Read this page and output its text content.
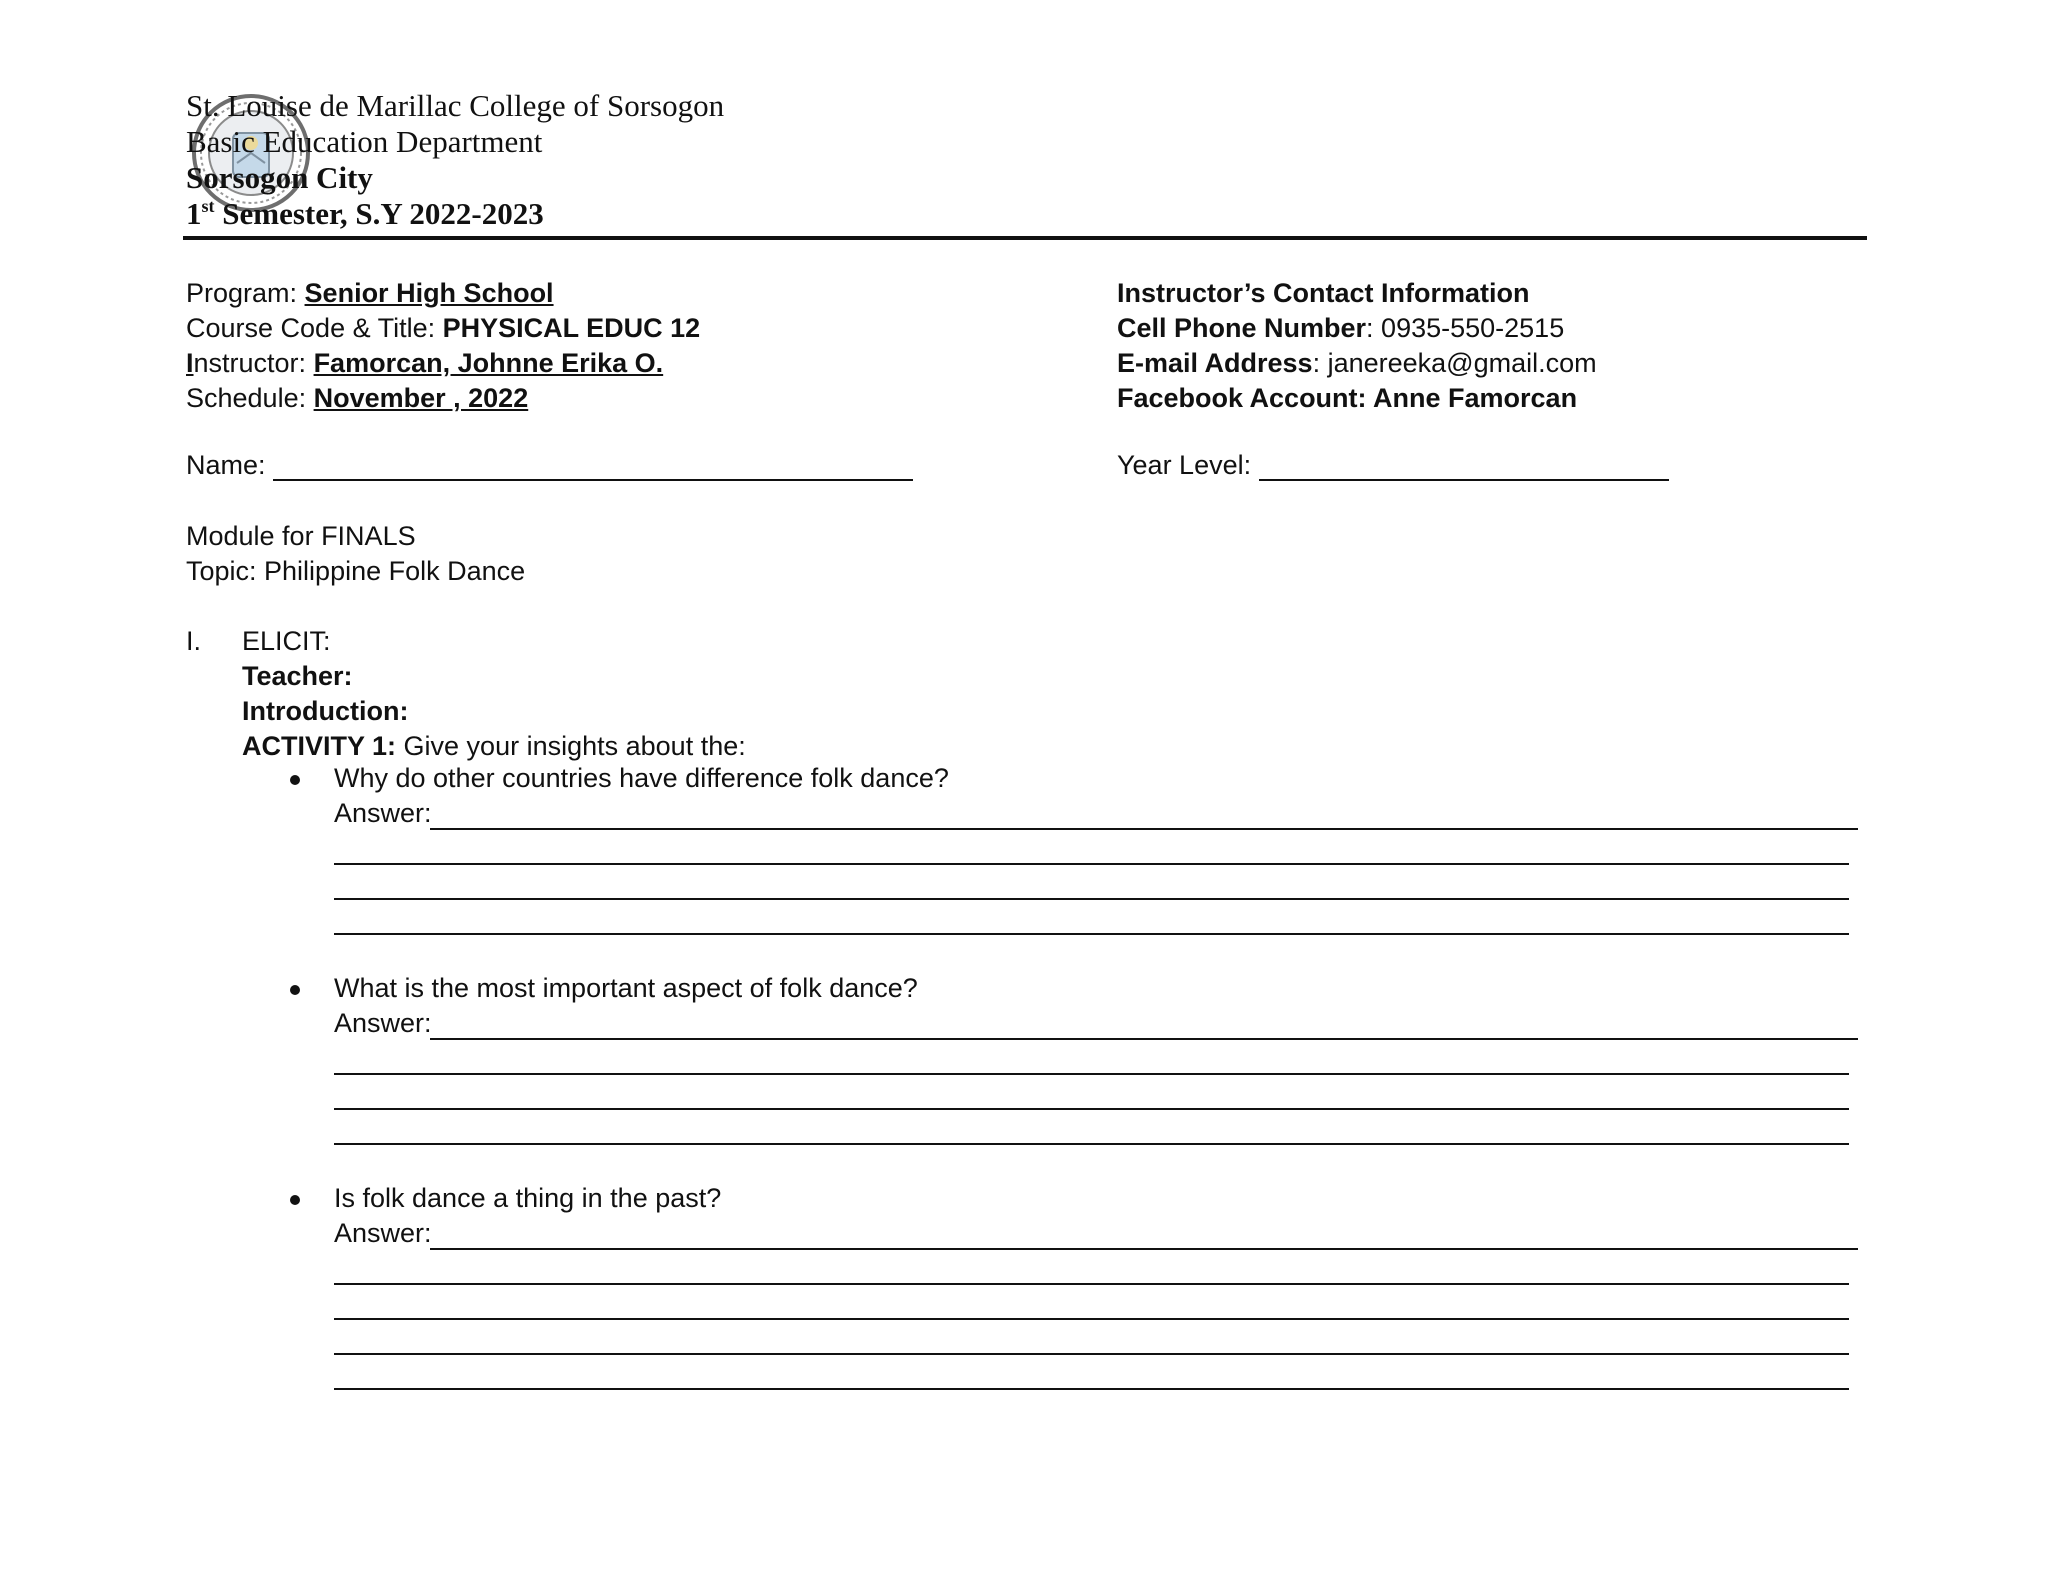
St. Louise de Marillac College of Sorsogon
Basic Education Department
Sorsogon City
1st Semester, S.Y 2022-2023
Program: Senior High School
Course Code & Title: PHYSICAL EDUC 12
Instructor: Famorcan, Johnne Erika O.
Schedule: November , 2022
Instructor’s Contact Information
Cell Phone Number: 0935-550-2515
E-mail Address: janereeka@gmail.com
Facebook Account: Anne Famorcan
Name:	Year Level:
Module for FINALS
Topic: Philippine Folk Dance
I. ELICIT:
Teacher:
Introduction:
ACTIVITY 1: Give your insights about the:
Why do other countries have difference folk dance?
Answer:
What is the most important aspect of folk dance?
Answer:
Is folk dance a thing in the past?
Answer:
